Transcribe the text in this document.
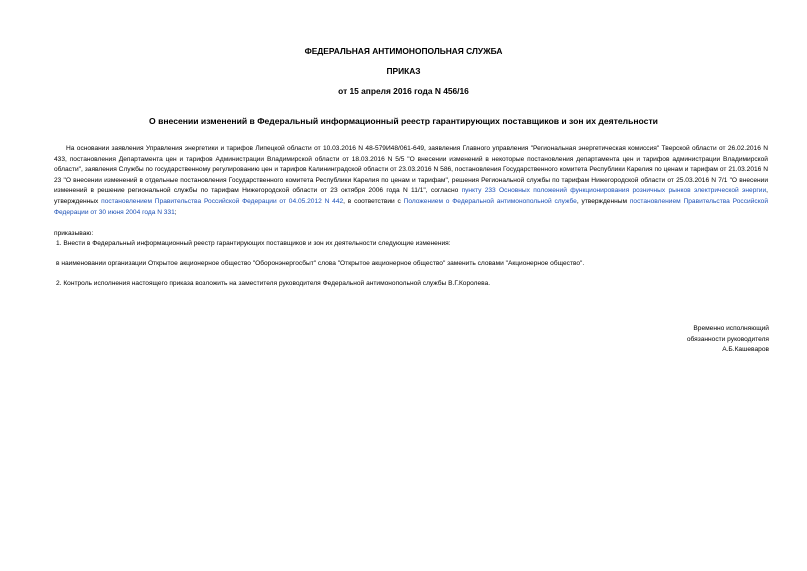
ФЕДЕРАЛЬНАЯ АНТИМОНОПОЛЬНАЯ СЛУЖБА
ПРИКАЗ
от 15 апреля 2016 года N 456/16
О внесении изменений в Федеральный информационный реестр гарантирующих поставщиков и зон их деятельности

На основании заявления Управления энергетики и тарифов Липецкой области от 10.03.2016 N 48-579И48/061-649, заявления Главного управления "Региональная энергетическая комиссия" Тверской области от 26.02.2016 N 433, постановления Департамента цен и тарифов Администрации Владимирской области от 18.03.2016 N 5/5 "О внесении изменений в некоторые постановления департамента цен и тарифов администрации Владимирской области", заявления Службы по государственному регулированию цен и тарифов Калининградской области от 23.03.2016 N 586, постановления Государственного комитета Республики Карелия по ценам и тарифам от 21.03.2016 N 23 "О внесении изменений в отдельные постановления Государственного комитета Республики Карелия по ценам и тарифам", решения Региональной службы по тарифам Нижегородской области от 25.03.2016 N 7/1 "О внесении изменений в решение региональной службы по тарифам Нижегородской области от 23 октября 2006 года N 11/1", согласно пункту 233 Основных положений функционирования розничных рынков электрической энергии, утвержденных постановлением Правительства Российской Федерации от 04.05.2012 N 442, в соответствии с Положением о Федеральной антимонопольной службе, утвержденным постановлением Правительства Российской Федерации от 30 июня 2004 года N 331;

приказываю:
1. Внести в Федеральный информационный реестр гарантирующих поставщиков и зон их деятельности следующие изменения:
в наименовании организации Открытое акционерное общество "Оборонэнергосбыт" слова "Открытое акционерное общество" заменить словами "Акционерное общество".
2. Контроль исполнения настоящего приказа возложить на заместителя руководителя Федеральной антимонопольной службы В.Г.Королева.
Временно исполняющий
обязанности руководителя
А.Б.Кашеваров
